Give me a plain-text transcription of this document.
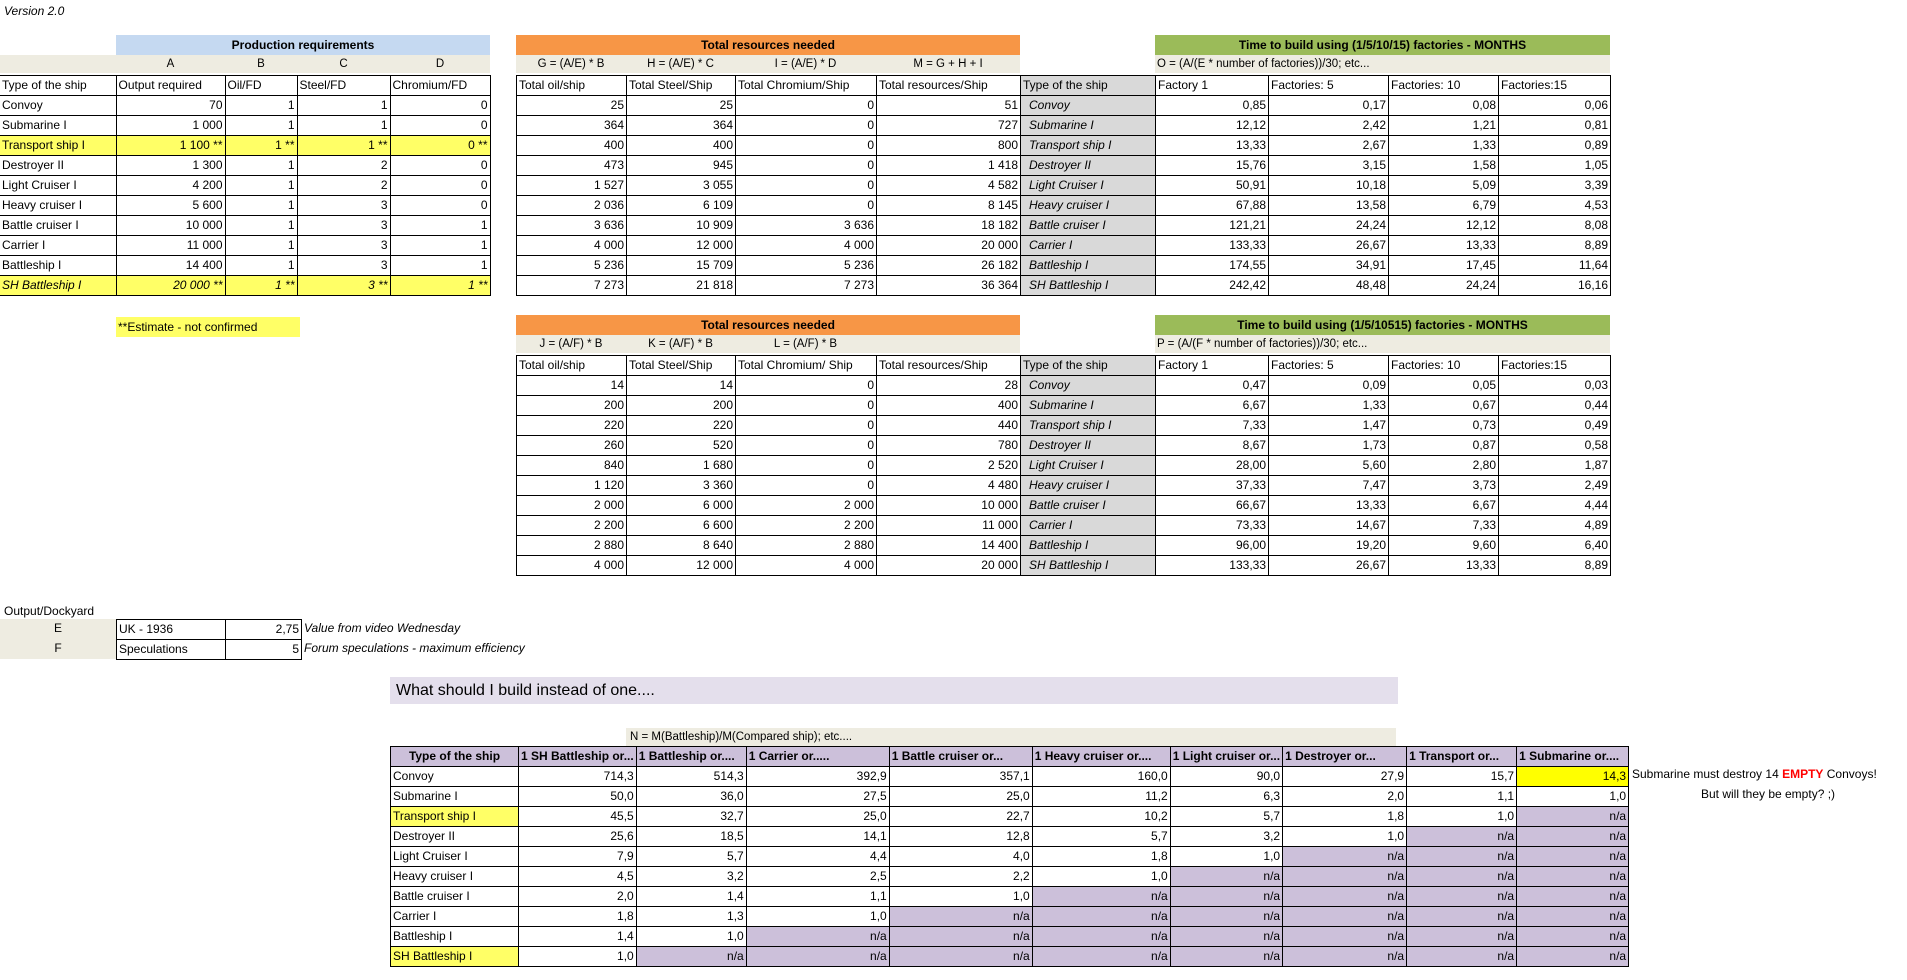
Version 2.0
Production requirements
A	B	C	D
Type of the ship	Output required	Oil/FD	Steel/FD	Chromium/FD
Convoy	70	1	1	0
Submarine I	1 000	1	1	0
Transport ship I	1 100 **	1 **	1 **	0 **
Destroyer II	1 300	1	2	0
Light Cruiser I	4 200	1	2	0
Heavy cruiser I	5 600	1	3	0
Battle cruiser I	10 000	1	3	1
Carrier I	11 000	1	3	1
Battleship I	14 400	1	3	1
SH Battleship I	20 000 **	1 **	3 **	1 **
**Estimate - not confirmed
Total resources needed
G = (A/E) * B	H = (A/E) * C	I = (A/E) * D	M = G + H + I
Total oil/ship	Total Steel/Ship	Total Chromium/Ship	Total resources/Ship
25	25	0	51
364	364	0	727
400	400	0	800
473	945	0	1 418
1 527	3 055	0	4 582
2 036	6 109	0	8 145
3 636	10 909	3 636	18 182
4 000	12 000	4 000	20 000
5 236	15 709	5 236	26 182
7 273	21 818	7 273	36 364
Time to build using (1/5/10/15) factories - MONTHS
O = (A/(E * number of factories))/30; etc...
Type of the ship	Factory 1	Factories: 5	Factories: 10	Factories:15
Convoy	0,85	0,17	0,08	0,06
Submarine I	12,12	2,42	1,21	0,81
Transport ship I	13,33	2,67	1,33	0,89
Destroyer II	15,76	3,15	1,58	1,05
Light Cruiser I	50,91	10,18	5,09	3,39
Heavy cruiser I	67,88	13,58	6,79	4,53
Battle cruiser I	121,21	24,24	12,12	8,08
Carrier I	133,33	26,67	13,33	8,89
Battleship I	174,55	34,91	17,45	11,64
SH Battleship I	242,42	48,48	24,24	16,16
Total resources needed
J = (A/F) * B	K = (A/F) * B	L = (A/F) * B
Total oil/ship	Total Steel/Ship	Total Chromium/ Ship	Total resources/Ship
14	14	0	28
200	200	0	400
220	220	0	440
260	520	0	780
840	1 680	0	2 520
1 120	3 360	0	4 480
2 000	6 000	2 000	10 000
2 200	6 600	2 200	11 000
2 880	8 640	2 880	14 400
4 000	12 000	4 000	20 000
Time to build using (1/5/10515) factories - MONTHS
P = (A/(F * number of factories))/30; etc...
Type of the ship	Factory 1	Factories: 5	Factories: 10	Factories:15
Convoy	0,47	0,09	0,05	0,03
Submarine I	6,67	1,33	0,67	0,44
Transport ship I	7,33	1,47	0,73	0,49
Destroyer II	8,67	1,73	0,87	0,58
Light Cruiser I	28,00	5,60	2,80	1,87
Heavy cruiser I	37,33	7,47	3,73	2,49
Battle cruiser I	66,67	13,33	6,67	4,44
Carrier I	73,33	14,67	7,33	4,89
Battleship I	96,00	19,20	9,60	6,40
SH Battleship I	133,33	26,67	13,33	8,89
Output/Dockyard
E
F
UK - 1936	2,75
Speculations	5
Value from video Wednesday
Forum speculations - maximum efficiency
What should I build instead of one....
N = M(Battleship)/M(Compared ship); etc....
Type of the ship	1 SH Battleship or...	1 Battleship or....	1 Carrier or.....	1 Battle cruiser or...	1 Heavy cruiser or....	1 Light cruiser or...	1 Destroyer or...	1 Transport or...	1 Submarine or....
Convoy	714,3	514,3	392,9	357,1	160,0	90,0	27,9	15,7	14,3
Submarine I	50,0	36,0	27,5	25,0	11,2	6,3	2,0	1,1	1,0
Transport ship I	45,5	32,7	25,0	22,7	10,2	5,7	1,8	1,0	n/a
Destroyer II	25,6	18,5	14,1	12,8	5,7	3,2	1,0	n/a	n/a
Light Cruiser I	7,9	5,7	4,4	4,0	1,8	1,0	n/a	n/a	n/a
Heavy cruiser I	4,5	3,2	2,5	2,2	1,0	n/a	n/a	n/a	n/a
Battle cruiser I	2,0	1,4	1,1	1,0	n/a	n/a	n/a	n/a	n/a
Carrier I	1,8	1,3	1,0	n/a	n/a	n/a	n/a	n/a	n/a
Battleship I	1,4	1,0	n/a	n/a	n/a	n/a	n/a	n/a	n/a
SH Battleship I	1,0	n/a	n/a	n/a	n/a	n/a	n/a	n/a	n/a
Submarine must destroy 14 EMPTY Convoys!
But will they be empty? ;)
